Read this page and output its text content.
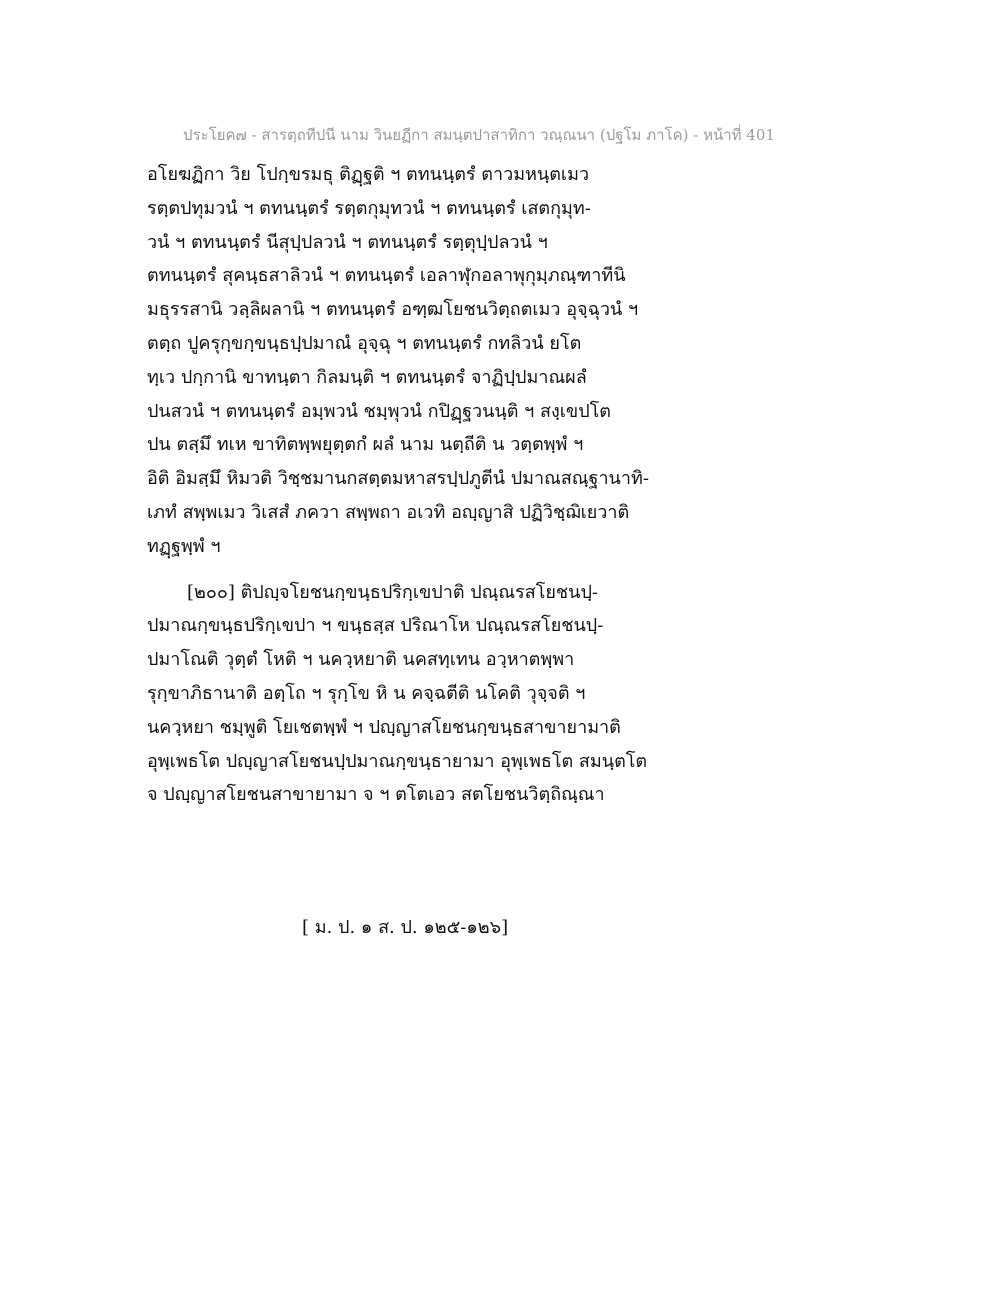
ประโยค๗ - สารตฺถทีปนี นาม วินยฏีกา สมนฺตปาสาทิกา วณฺณนา (ปฐโม ภาโค) - หน้าที่ 401
อโยฆฏิกา วิย โปกฺขรมธุ ติฏฺฐติ ฯ ตทนนฺตรํ ตาวมหนฺตเมว
รตฺตปทุมวนํ ฯ ตทนนฺตรํ รตฺตกุมุทวนํ ฯ ตทนนฺตรํ เสตกุมุท-
วนํ ฯ ตทนนฺตรํ นีสุปฺปลวนํ ฯ ตทนนฺตรํ รตฺตุปฺปลวนํ ฯ
ตทนนฺตรํ สุคนฺธสาลิวนํ ฯ ตทนนฺตรํ เอลาฬุกอลาพุกุมฺภณฺฑาทีนิ
มธุรรสานิ วลฺลิผลานิ ฯ ตทนนฺตรํ อฑฺฒโยชนวิตฺถตเมว อุจฺฉุวนํ ฯ
ตตฺถ ปูครุกฺขกฺขนฺธปฺปมาณํ อุจฺฉุ ฯ ตทนนฺตรํ กทลิวนํ ยโต
ทฺเว ปกฺกานิ ขาทนฺตา กิลมนฺติ ฯ ตทนนฺตรํ จาฏิปฺปมาณผลํ
ปนสวนํ ฯ ตทนนฺตรํ อมฺพวนํ ชมฺพุวนํ กปิฏฺฐวนนฺติ ฯ สงฺเขปโต
ปน ตสฺมึ ทเห ขาทิตพฺพยุตฺตกํ ผลํ นาม นตฺถีติ น วตฺตพฺพํ ฯ
อิติ อิมสฺมึ หิมวติ วิชฺชมานกสตฺตมหาสรปฺปภูตีนํ ปมาณสณฺฐานาทิ-
เภทํ สพฺพเมว วิเสสํ ภควา สพฺพถา อเวทิ อญฺญาสิ ปฏิวิชฺฌิเยวาติ
ทฏฺฐพฺพํ ฯ
[๒๐๐] ติปญฺจโยชนกฺขนฺธปริกฺเขปาติ ปณฺณรสโยชนปฺ-
ปมาณกฺขนฺธปริกฺเขปา ฯ ขนฺธสฺส ปริณาโห ปณฺณรสโยชนปฺ-
ปมาโณติ วุตฺตํ โหติ ฯ นควฺหยาติ นคสทฺเทน อวฺหาตพฺพา
รุกฺขาภิธานาติ อตฺโถ ฯ รุกฺโข หิ น คจฺฉตีติ นโคติ วุจฺจติ ฯ
นควฺหยา ชมฺพูติ โยเชตพฺพํ ฯ ปญฺญาสโยชนกฺขนฺธสาขายามาติ
อุพฺเพธโต ปญฺญาสโยชนปฺปมาณกฺขนฺธายามา อุพฺเพธโต สมนฺตโต
จ ปญฺญาสโยชนสาขายามา จ ฯ ตโตเอว สตโยชนวิตฺถิณฺณา
[ ม. ป. ๑ ส. ป. ๑๒๕-๑๒๖]
